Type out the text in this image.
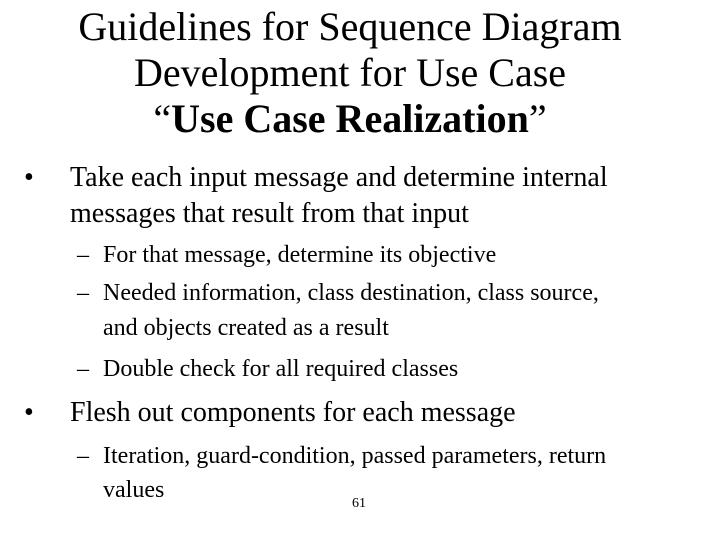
Guidelines for Sequence Diagram
Development for Use Case
“Use Case Realization”
• Take each input message and determine internal
messages that result from that input
– For that message, determine its objective
– Needed information, class destination, class source,
and objects created as a result
– Double check for all required classes
• Flesh out components for each message
– Iteration, guard-condition, passed parameters, return
values
61
